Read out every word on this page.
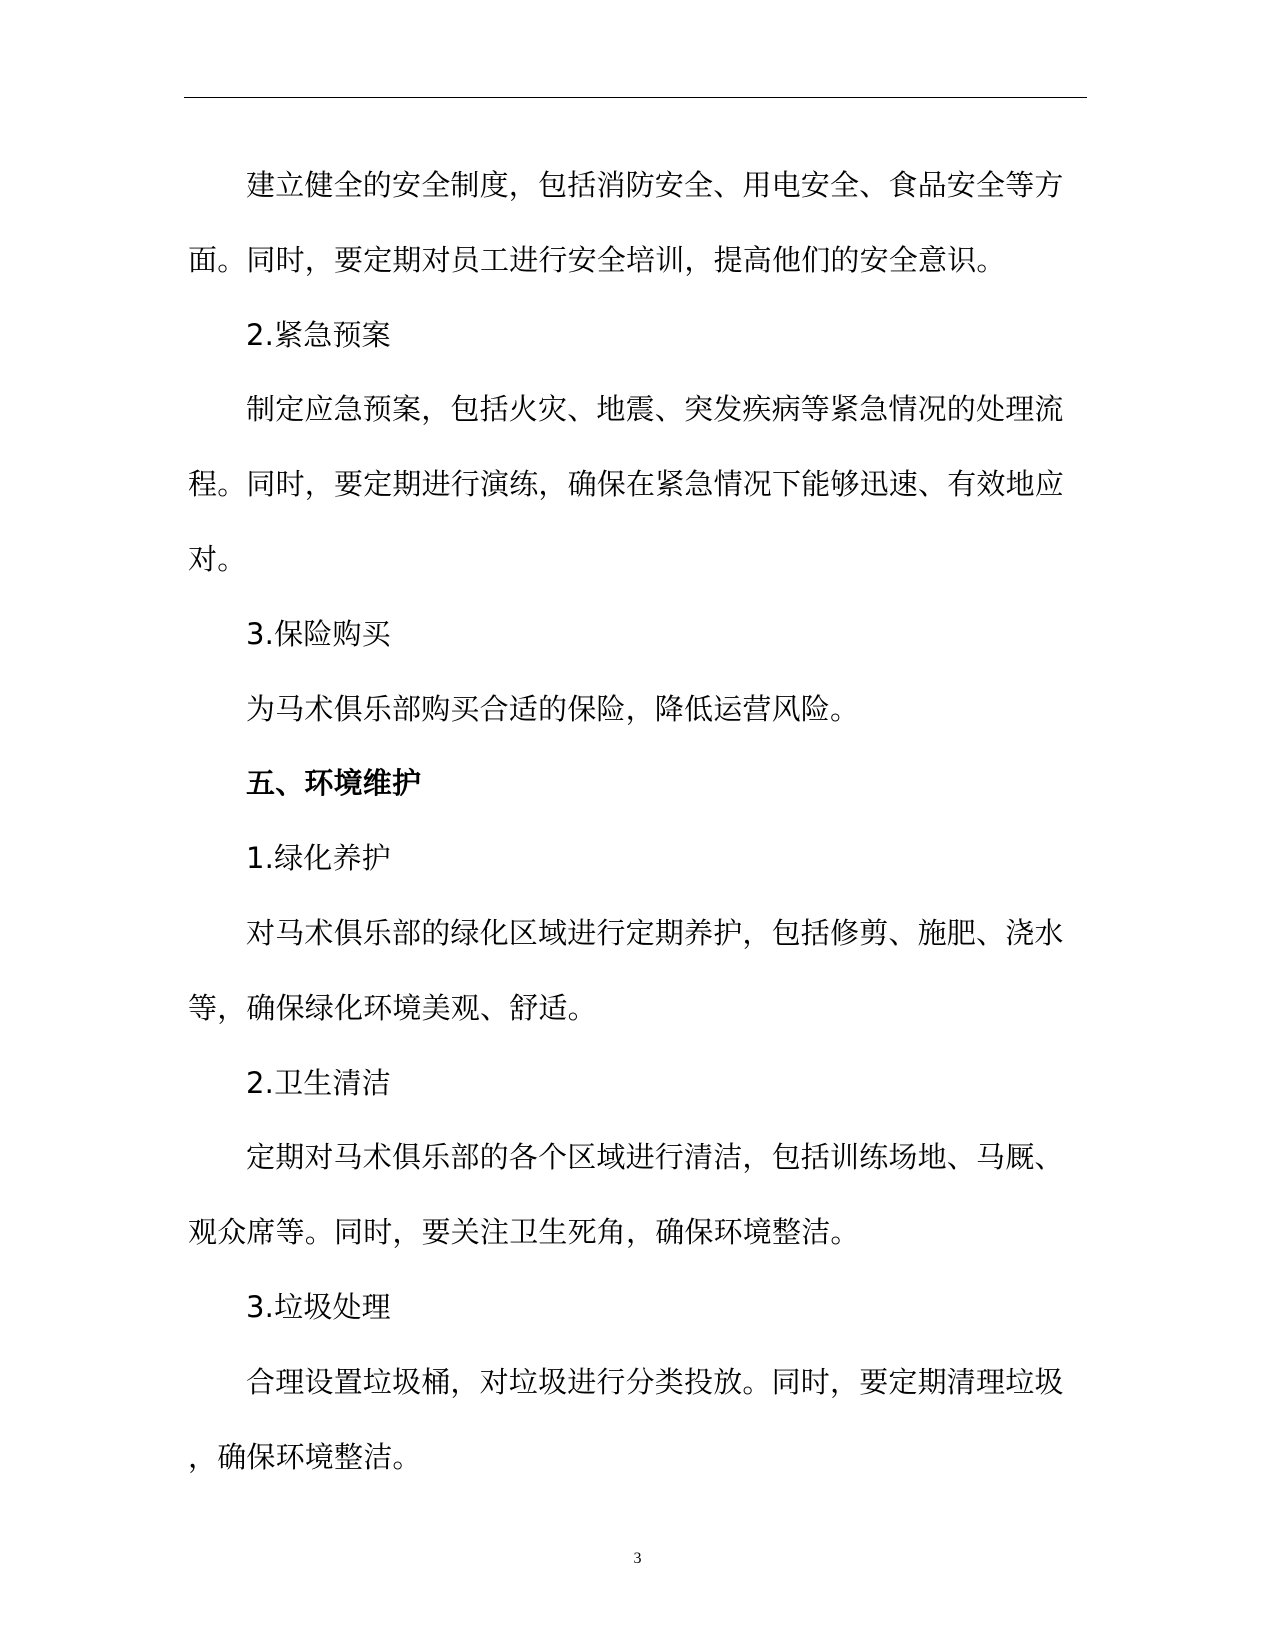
建立健全的安全制度，包括消防安全、用电安全、食品安全等方
面。同时，要定期对员工进行安全培训，提高他们的安全意识。
2.紧急预案
制定应急预案，包括火灾、地震、突发疾病等紧急情况的处理流
程。同时，要定期进行演练，确保在紧急情况下能够迅速、有效地应
对。
3.保险购买
为马术俱乐部购买合适的保险，降低运营风险。
五、环境维护
1.绿化养护
对马术俱乐部的绿化区域进行定期养护，包括修剪、施肥、浇水
等，确保绿化环境美观、舒适。
2.卫生清洁
定期对马术俱乐部的各个区域进行清洁，包括训练场地、马厩、
观众席等。同时，要关注卫生死角，确保环境整洁。
3.垃圾处理
合理设置垃圾桶，对垃圾进行分类投放。同时，要定期清理垃圾
，确保环境整洁。
3
